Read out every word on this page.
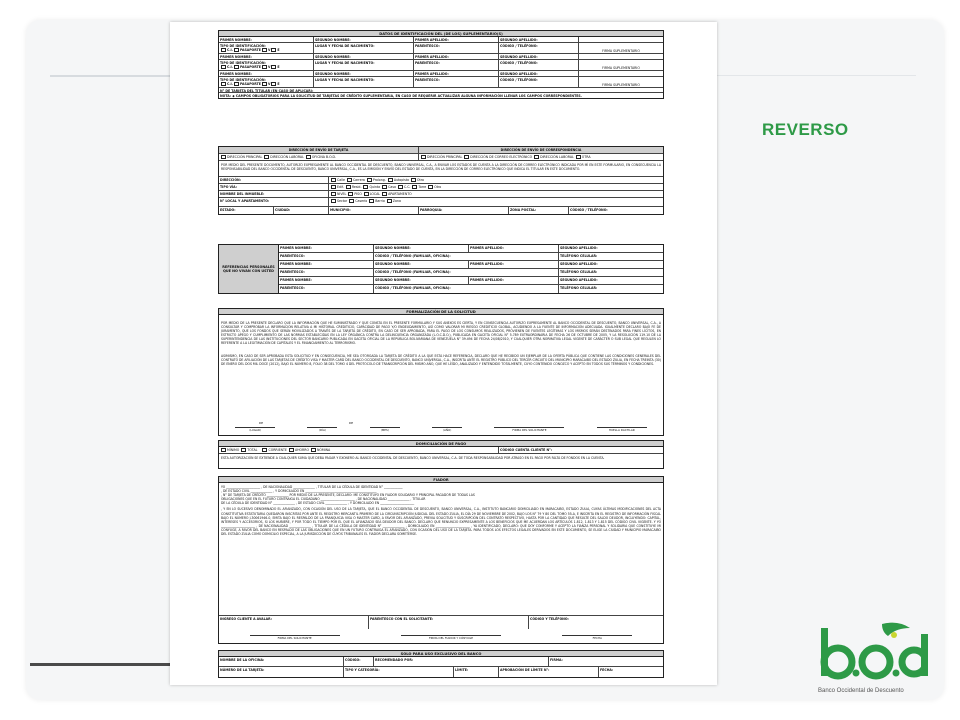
REVERSO
Banco Occidental de Descuento
DATOS DE IDENTIFICACIÓN DEL (DE LOS) SUPLEMENTARIO(S)
PRIMER NOMBRE:	SEGUNDO NOMBRE:	PRIMER APELLIDO:	SEGUNDO APELLIDO:
TIPO DE IDENTIFICACIÓN:
C.I. PASAPORTE V E
LUGAR Y FECHA DE NACIMIENTO:	PARENTESCO:	CÓDIGO / TELÉFONO:
FIRMA SUPLEMENTARIO
PRIMER NOMBRE:	SEGUNDO NOMBRE:	PRIMER APELLIDO:	SEGUNDO APELLIDO:
TIPO DE IDENTIFICACIÓN:
C.I. PASAPORTE V E
LUGAR Y FECHA DE NACIMIENTO:	PARENTESCO:	CÓDIGO / TELÉFONO:
FIRMA SUPLEMENTARIO
PRIMER NOMBRE:	SEGUNDO NOMBRE:	PRIMER APELLIDO:	SEGUNDO APELLIDO:
TIPO DE IDENTIFICACIÓN:
C.I. PASAPORTE V E
LUGAR Y FECHA DE NACIMIENTO:	PARENTESCO:	CÓDIGO / TELÉFONO:
FIRMA SUPLEMENTARIO
N° DE TARJETA DEL TITULAR (EN CASO DE APLICAR):
NOTA: ◆ CAMPOS OBLIGATORIOS PARA LA SOLICITUD DE TARJETAS DE CRÉDITO SUPLEMENTARIA, EN CASO DE REQUERIR ACTUALIZAR ALGUNA INFORMACIÓN LLENAR LOS CAMPOS CORRESPONDIENTES.
DIRECCIÓN DE ENVÍO DE TARJETA	DIRECCIÓN DE ENVÍO DE CORRESPONDENCIA
DIRECCIÓN PRINCIPAL	DIRECCIÓN LABORAL	OFICINA B.O.D.	DIRECCIÓN PRINCIPAL	DIRECCIÓN DE CORREO ELECTRÓNICO	DIRECCIÓN LABORAL	OTRA
POR MEDIO DEL PRESENTE DOCUMENTO, AUTORIZO EXPRESAMENTE AL BANCO OCCIDENTAL DE DESCUENTO, BANCO UNIVERSAL, C.A., A ENVIAR LOS ESTADOS DE CUENTA A LA DIRECCIÓN DE CORREO ELECTRÓNICO INDICADA POR MÍ EN ESTE FORMULARIO, EN CONSECUENCIA LA RESPONSABILIDAD DEL BANCO OCCIDENTAL DE DESCUENTO, BANCO UNIVERSAL, C.A., ES LA EMISIÓN Y ENVÍO DEL ESTADO DE CUENTA, EN LA DIRECCIÓN DE CORREO ELECTRÓNICO QUE INDICA EL TITULAR EN ESTE DOCUMENTO.
DIRECCIÓN:	Calle	Carrera	Prolong.	Autopista	Otro
TIPO VÍA:	Edif.	Resid.	Quinta	Casa	C.C.	Torre	Otro
NOMBRE DEL INMUEBLE:	NIVEL	PISO	LOCAL	APARTAMENTO
N° LOCAL Y APARTAMENTO:	Sector	Caserío	Barrio	Zona
ESTADO:	CIUDAD:	MUNICIPIO:	PARROQUIA:	ZONA POSTAL:	CÓDIGO / TELÉFONO:
REFERENCIAS PERSONALES QUE NO VIVAN CON USTED
PRIMER NOMBRE:	SEGUNDO NOMBRE:	PRIMER APELLIDO:	SEGUNDO APELLIDO:
PARENTESCO:	CÓDIGO / TELÉFONO (FAMILIAR, OFICINA):	TELÉFONO CELULAR:
PRIMER NOMBRE:	SEGUNDO NOMBRE:	PRIMER APELLIDO:	SEGUNDO APELLIDO:
PARENTESCO:	CÓDIGO / TELÉFONO (FAMILIAR, OFICINA):	TELÉFONO CELULAR:
PRIMER NOMBRE:	SEGUNDO NOMBRE:	PRIMER APELLIDO:	SEGUNDO APELLIDO:
PARENTESCO:	CÓDIGO / TELÉFONO (FAMILIAR, OFICINA):	TELÉFONO CELULAR:
FORMALIZACIÓN DE LA SOLICITUD
POR MEDIO DE LA PRESENTE DECLARO QUE LA INFORMACIÓN QUE HE SUMINISTRADO Y QUE CONSTA EN EL PRESENTE FORMULARIO Y SUS ANEXOS ES CIERTA, Y EN CONSECUENCIA AUTORIZO EXPRESAMENTE AL BANCO OCCIDENTAL DE DESCUENTO, BANCO UNIVERSAL, C.A., A CONSULTAR Y COMPROBAR LA INFORMACIÓN RELATIVA A MI HISTORIAL CREDITICIO, CAPACIDAD DE PAGO Y/O ENDEUDAMIENTO, ASÍ COMO VALORAR MI RIESGO CREDITICIO GLOBAL, ACUDIENDO A LA FUENTE DE INFORMACIÓN ADECUADA. IGUALMENTE DECLARO BAJO FE DE JURAMENTO, QUE LOS FONDOS QUE SERÁN MOVILIZADOS A TRAVÉS DE LA TARJETA DE CRÉDITO, EN CASO DE SER APROBADA, PARA EL PAGO DE LOS CONSUMOS REALIZADOS, PROVIENEN DE FUENTES LEGÍTIMAS Y LOS MISMOS SERÁN DESTINADOS PARA FINES LÍCITOS, EN ESTRICTO APEGO Y CUMPLIMIENTO DE LAS NORMAS ESTABLECIDAS EN LA LEY ORGÁNICA CONTRA LA DELINCUENCIA ORGANIZADA (L.O.C.D.O.), PUBLICADA EN GACETA OFICIAL N° 5.789 EXTRAORDINARIA DE FECHA 26 DE OCTUBRE DE 2005, Y LA RESOLUCIÓN 119.10 DE LA SUPERINTENDENCIA DE LAS INSTITUCIONES DEL SECTOR BANCARIO PUBLICADA EN GACETA OFICIAL DE LA REPÚBLICA BOLIVARIANA DE VENEZUELA N° 39.494 DE FECHA 24/08/2010, Y CUALQUIER OTRA NORMATIVA LEGAL VIGENTE DE CARÁCTER O SUB LEGAL QUE REGULEN LO REFERENTE A LA LEGITIMACIÓN DE CAPITALES Y EL FINANCIAMIENTO AL TERRORISMO.
ASIMISMO, EN CASO DE SER APROBADA ESTA SOLICITUD Y EN CONSECUENCIA, ME SEA OTORGADA LA TARJETA DE CRÉDITO A LA QUE ESTA HACE REFERENCIA, DECLARO QUE HE RECIBIDO UN EJEMPLAR DE LA OFERTA PÚBLICA QUE CONTIENE LAS CONDICIONES GENERALES DEL CONTRATO DE AFILIACIÓN DE LAS TARJETAS DE CRÉDITO VISA Y MASTER CARD DEL BANCO OCCIDENTAL DE DESCUENTO, BANCO UNIVERSAL, C.A., INSCRITA ANTE EL REGISTRO PÚBLICO DEL TERCER CIRCUITO DEL MUNICIPIO MARACAIBO DEL ESTADO ZULIA, EN FECHA TREINTA (30) DE ENERO DEL DOS MIL DOCE (2012), BAJO EL NÚMERO 8, FOLIO 38 DEL TOMO 4 DEL PROTOCOLO DE TRANSCRIPCIÓN DEL MISMO AÑO, QUE HE LEÍDO, ANALIZADO Y ENTENDIDO TOTALMENTE, CUYO CONTENIDO CONOZCO Y ACEPTO EN TODOS SUS TÉRMINOS Y CONDICIONES.
DE	DE
(LUGAR)	(DÍA)	(MES)	(AÑO)	FIRMA DEL SOLICITANTE	HUELLA DACTILAR
DOMICILIACIÓN DE PAGO
MÍNIMO	TOTAL	CORRIENTE	AHORRO	NÓMINA	CÓDIGO CUENTA CLIENTE N°:
ESTA AUTORIZACIÓN SE EXTIENDE A CUALQUIER SUMA QUE DEBA PAGAR Y EXONERO AL BANCO OCCIDENTAL DE DESCUENTO, BANCO UNIVERSAL, C.A. DE TODA RESPONSABILIDAD POR ATRASO EN EL PAGO POR FALTA DE FONDOS EN LA CUENTA.
FIADOR
YO ______________________ , DE NACIONALIDAD ______________ , TITULAR DE LA CÉDULA DE IDENTIDAD N° ____________
, DE ESTADO CIVIL ______________ , Y DOMICILIADO EN ______________________________________________
, N° DE TARJETA DE CRÉDITO ______________ POR MEDIO DE LA PRESENTE, DECLARO: ME CONSTITUYO EN FIADOR SOLIDARIO Y PRINCIPAL PAGADOR DE TODAS LAS
OBLIGACIONES QUE EN EL FUTURO CONTRAIGA EL CIUDADANO ______________________ , DE NACIONALIDAD ______________ , TITULAR
DE LA CÉDULA DE IDENTIDAD N° ______________ , DE ESTADO CIVIL ______________ , Y DOMICILIADO EN ______________________
, Y EN LO SUCESIVO DENOMINADO EL AFIANZADO, CON OCASIÓN DEL USO DE LA TARJETA, QUE EL BANCO OCCIDENTAL DE DESCUENTO, BANCO UNIVERSAL, C.A., INSTITUTO BANCARIO DOMICILIADO EN MARACAIBO, ESTADO ZULIA, CUYAS ÚLTIMAS MODIFICACIONES DEL ACTA CONSTITUTIVA ESTATUTARIA QUEDARON INSCRITAS POR ANTE EL REGISTRO MERCANTIL PRIMERO DE LA CIRCUNSCRIPCIÓN JUDICIAL DEL ESTADO ZULIA, EL DÍA 29 DE NOVIEMBRE DE 2002, BAJO LOS N° 79 Y 80 DEL TOMO 55-A, E INSCRITA EN EL REGISTRO DE INFORMACIÓN FISCAL BAJO EL NÚMERO J-30061946-0, EMITA BAJO EL RESPALDO DE LA FRANQUICIA VISA O MASTER CARD, A FAVOR DEL AFIANZADO, PREVIA SOLICITUD Y SUSCRIPCIÓN DEL CONTRATO RESPECTIVO, HASTA POR LA CANTIDAD QUE RESULTE DEL SALDO DEUDOR, INCLUYENDO: CAPITAL, INTERESES Y ACCESORIOS, SI LOS HUBIERE, Y POR TODO EL TIEMPO POR EL QUE EL AFIANZADO SEA DEUDOR DEL BANCO. DECLARO QUE RENUNCIO EXPRESAMENTE A LOS BENEFICIOS QUE ME ACUERDAN LOS ARTÍCULOS 1.812, 1.813 Y 1.815 DEL CÓDIGO CIVIL VIGENTE. Y YO ______________________ , DE NACIONALIDAD ______________ , TITULAR DE LA CÉDULA DE IDENTIDAD N° ______________ , DOMICILIADO EN ______________________ , YA IDENTIFICADO, DECLARO: QUE DOY CONFORME Y ACEPTO LA FIANZA PERSONAL Y SOLIDARIA QUE CONSTITUYE MI CÓNYUGE, A FAVOR DEL BANCO EN RESPALDO DE LAS OBLIGACIONES QUE EN UN FUTURO CONTRAIGA EL AFIANZADO, CON OCASIÓN DEL USO DE LA TARJETA. PARA TODOS LOS EFECTOS LEGALES DERIVADOS EN ESTE DOCUMENTO, SE ELIGE LA CIUDAD Y MUNICIPIO MARACAIBO DEL ESTADO ZULIA COMO DOMICILIO ESPECIAL, A LA JURISDICCIÓN DE CUYOS TRIBUNALES EL FIADOR DECLARA SOMETERSE.
INGRESO CLIENTE A AVALAR:	PARENTESCO CON EL SOLICITANTE:	CÓDIGO Y TELÉFONO:
FIRMA DEL SOLICITANTE	FIRMA DEL FIADOR Y CÓNYUGE	FECHA
SOLO PARA USO EXCLUSIVO DEL BANCO
NOMBRE DE LA OFICINA:	CÓDIGO:	RECOMENDADO POR:	FIRMA:
NÚMERO DE LA TARJETA:	TIPO Y CATEGORÍA:	LÍMITE:	APROBACIÓN DE LÍMITE N°:	FECHA:
